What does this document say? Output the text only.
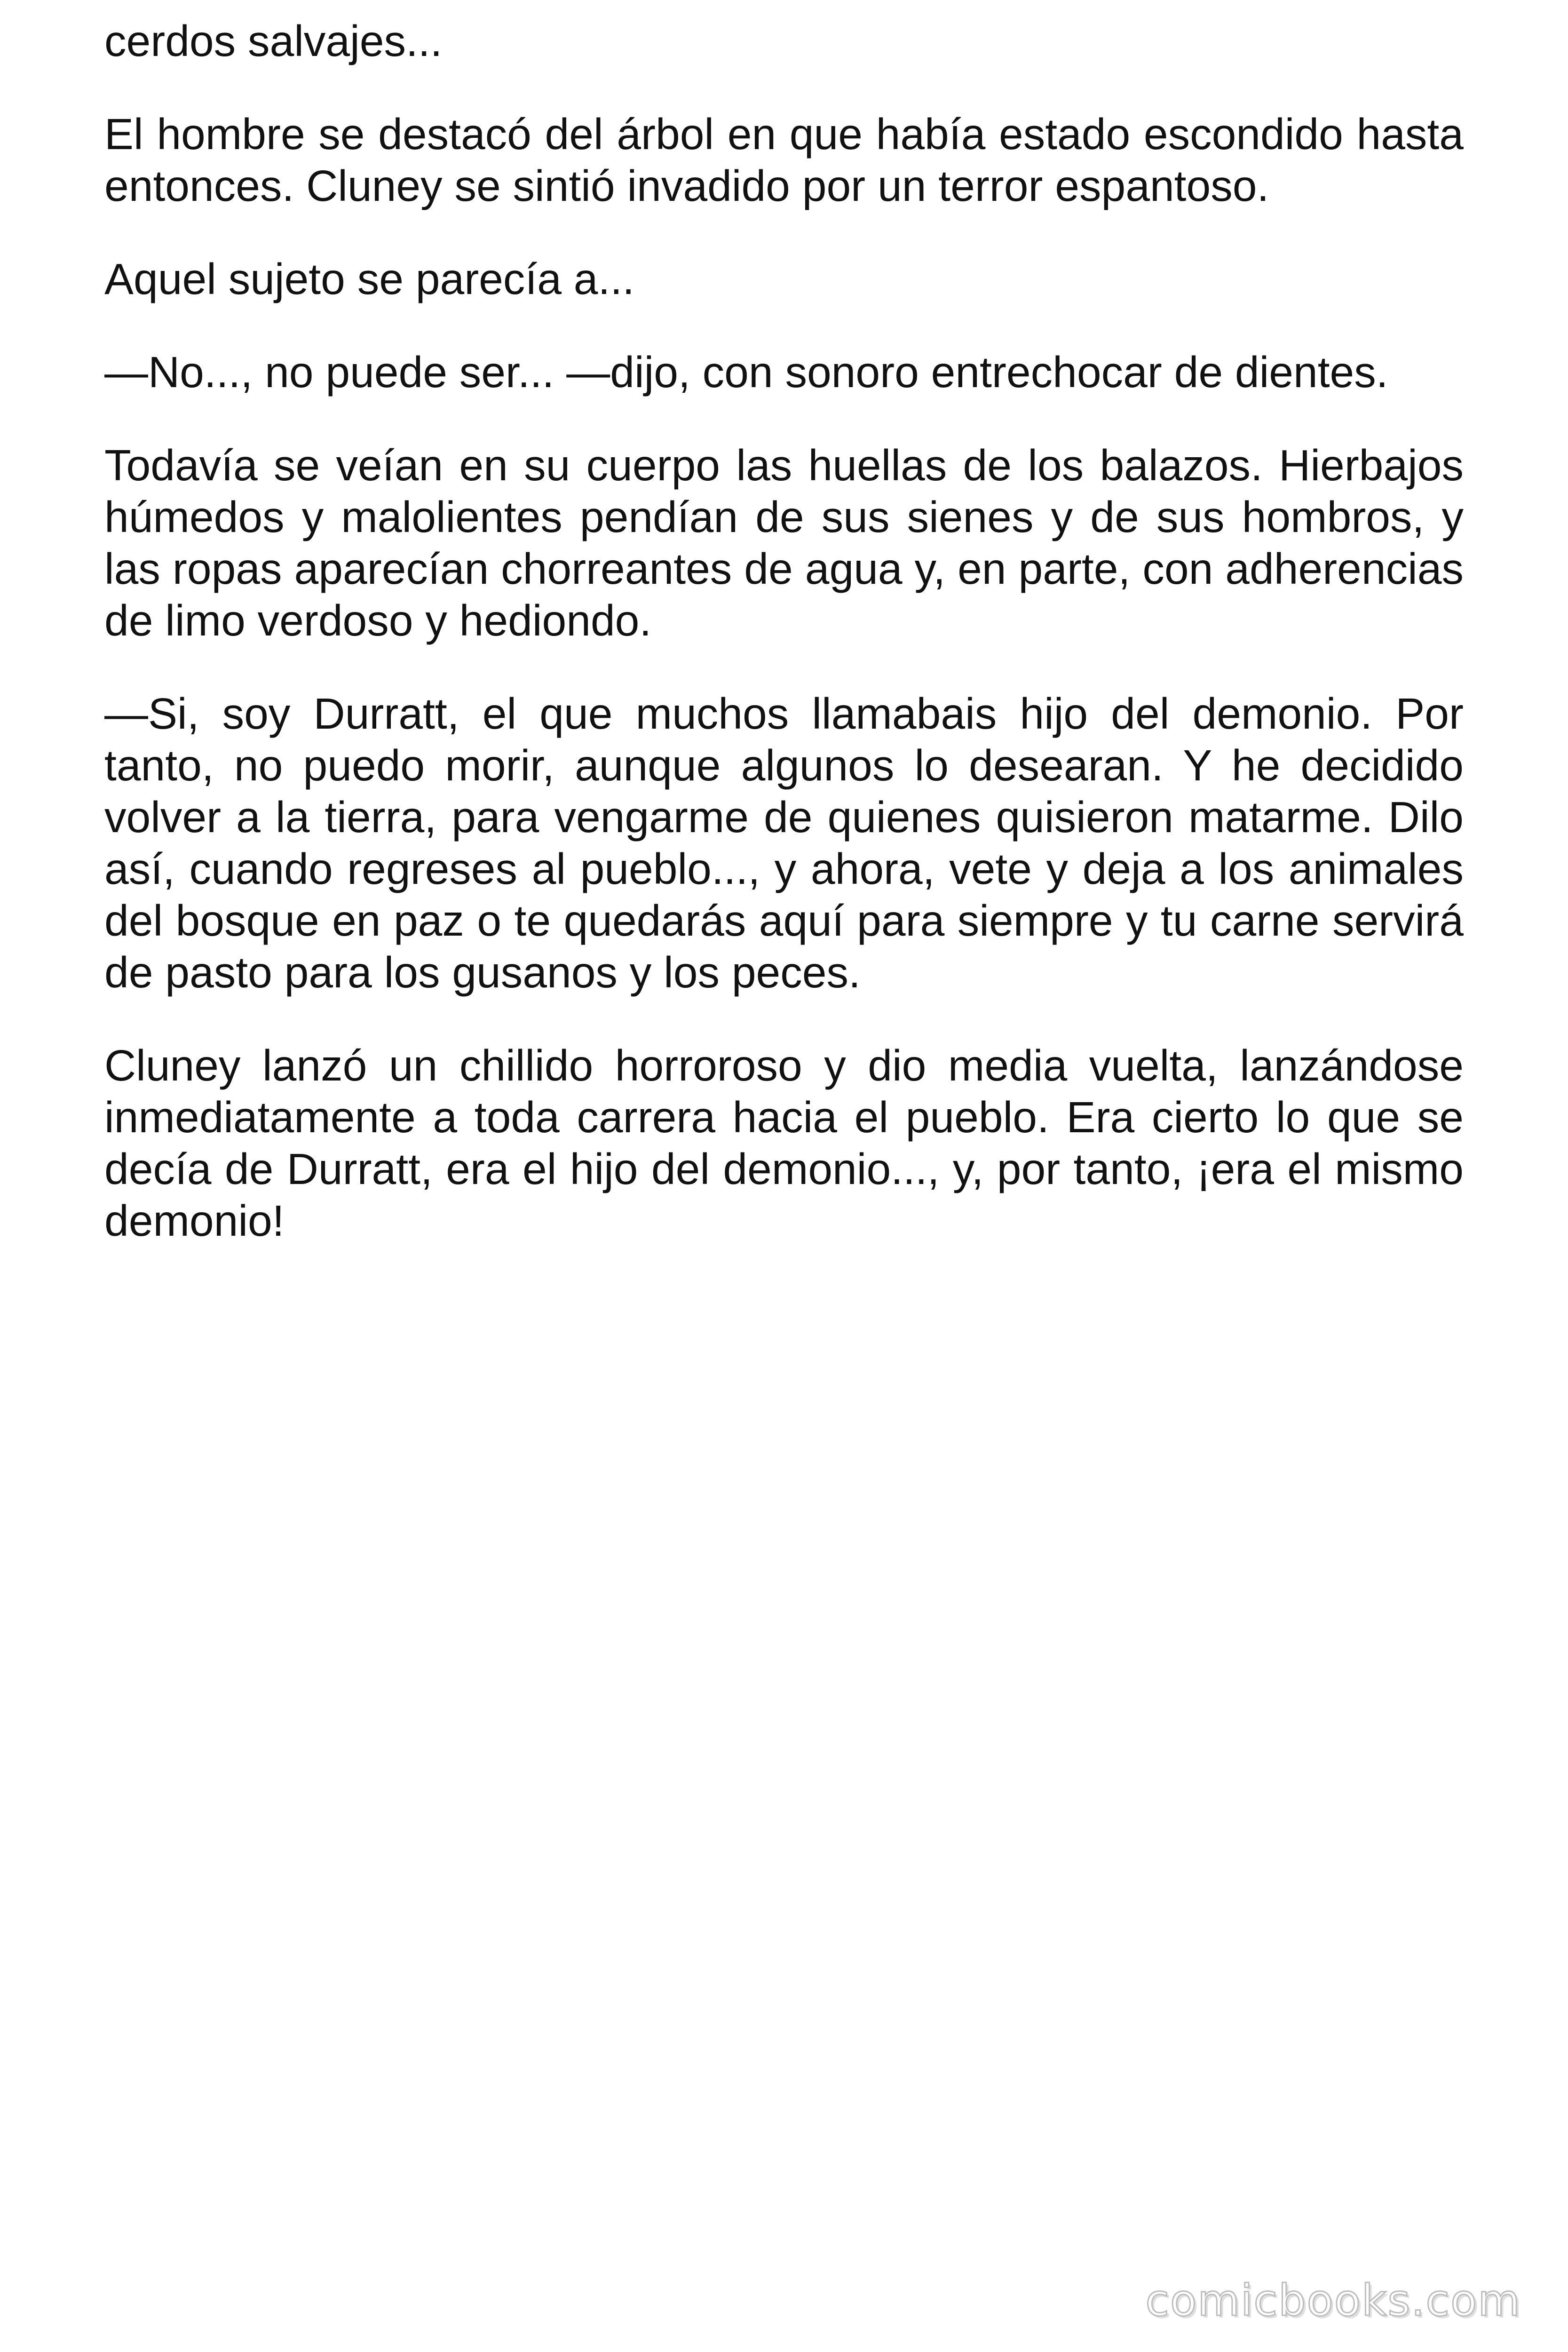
cerdos salvajes...

El hombre se destacó del árbol en que había estado escondido hasta entonces. Cluney se sintió invadido por un terror espantoso.

Aquel sujeto se parecía a...

—No..., no puede ser... —dijo, con sonoro entrechocar de dientes.

Todavía se veían en su cuerpo las huellas de los balazos. Hierbajos húmedos y malolientes pendían de sus sienes y de sus hombros, y las ropas aparecían chorreantes de agua y, en parte, con adherencias de limo verdoso y hediondo.

—Si, soy Durratt, el que muchos llamabais hijo del demonio. Por tanto, no puedo morir, aunque algunos lo desearan. Y he decidido volver a la tierra, para vengarme de quienes quisieron matarme. Dilo así, cuando regreses al pueblo..., y ahora, vete y deja a los animales del bosque en paz o te quedarás aquí para siempre y tu carne servirá de pasto para los gusanos y los peces.

Cluney lanzó un chillido horroroso y dio media vuelta, lanzándose inmediatamente a toda carrera hacia el pueblo. Era cierto lo que se decía de Durratt, era el hijo del demonio..., y, por tanto, ¡era el mismo demonio!

comicbooks.com
